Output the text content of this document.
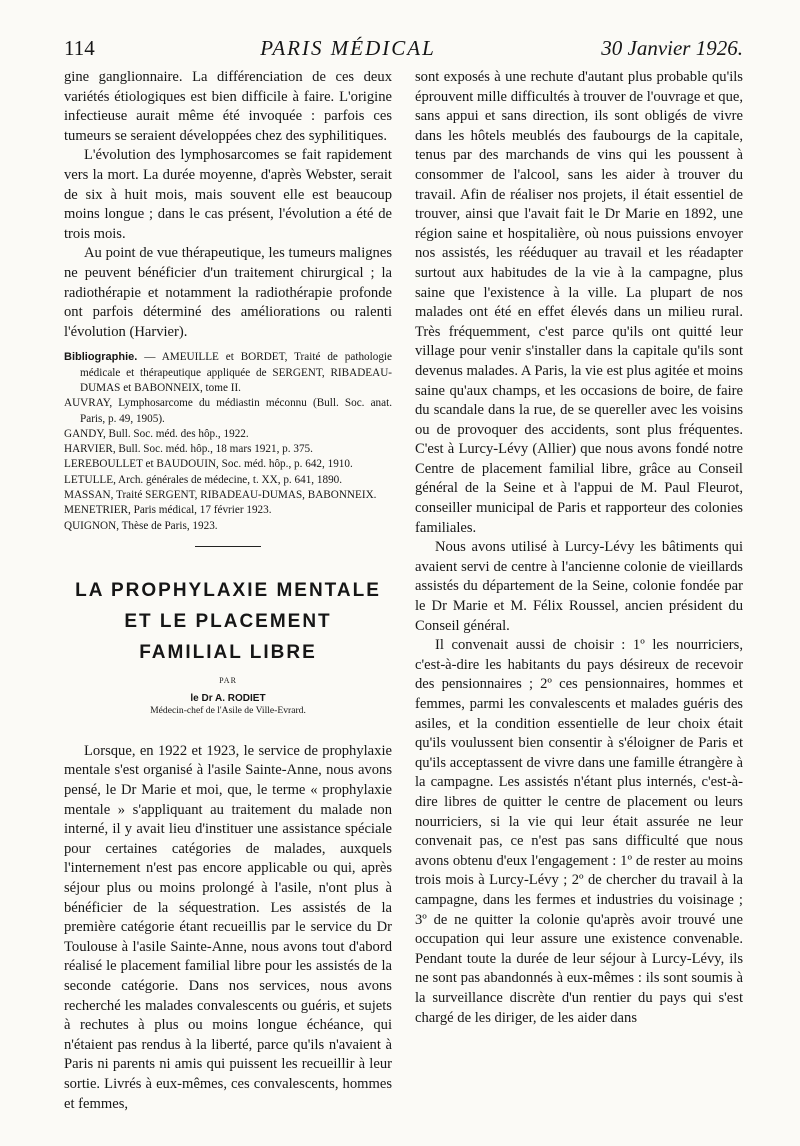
114	PARIS MÉDICAL	30 Janvier 1926.

gine ganglionnaire. La différenciation de ces deux variétés étiologiques est bien difficile à faire. L'origine infectieuse aurait même été invoquée : parfois ces tumeurs se seraient développées chez des syphilitiques.

L'évolution des lymphosarcomes se fait rapidement vers la mort. La durée moyenne, d'après Webster, serait de six à huit mois, mais souvent elle est beaucoup moins longue ; dans le cas présent, l'évolution a été de trois mois.

Au point de vue thérapeutique, les tumeurs malignes ne peuvent bénéficier d'un traitement chirurgical ; la radiothérapie et notamment la radiothérapie profonde ont parfois déterminé des améliorations ou ralenti l'évolution (Harvier).

Bibliographie. — AMEUILLE et BORDET, Traité de pathologie médicale et thérapeutique appliquée de SERGENT, RIBADEAU-DUMAS et BABONNEIX, tome II.
AUVRAY, Lymphosarcome du médiastin méconnu (Bull. Soc. anat. Paris, p. 49, 1905).
GANDY, Bull. Soc. méd. des hôp., 1922.
HARVIER, Bull. Soc. méd. hôp., 18 mars 1921, p. 375.
LEREBOULLET et BAUDOUIN, Soc. méd. hôp., p. 642, 1910.
LETULLE, Arch. générales de médecine, t. XX, p. 641, 1890.
MASSAN, Traité SERGENT, RIBADEAU-DUMAS, BABONNEIX.
MENETRIER, Paris médical, 17 février 1923.
QUIGNON, Thèse de Paris, 1923.
LA PROPHYLAXIE MENTALE
ET LE PLACEMENT
FAMILIAL LIBRE
PAR
le Dr A. RODIET
Médecin-chef de l'Asile de Ville-Evrard.

Lorsque, en 1922 et 1923, le service de prophylaxie mentale s'est organisé à l'asile Sainte-Anne, nous avons pensé, le Dr Marie et moi, que, le terme « prophylaxie mentale » s'appliquant au traitement du malade non interné, il y avait lieu d'instituer une assistance spéciale pour certaines catégories de malades, auxquels l'internement n'est pas encore applicable ou qui, après séjour plus ou moins prolongé à l'asile, n'ont plus à bénéficier de la séquestration. Les assistés de la première catégorie étant recueillis par le service du Dr Toulouse à l'asile Sainte-Anne, nous avons tout d'abord réalisé le placement familial libre pour les assistés de la seconde catégorie. Dans nos services, nous avons recherché les malades convalescents ou guéris, et sujets à rechutes à plus ou moins longue échéance, qui n'étaient pas rendus à la liberté, parce qu'ils n'avaient à Paris ni parents ni amis qui puissent les recueillir à leur sortie. Livrés à eux-mêmes, ces convalescents, hommes et femmes,

sont exposés à une rechute d'autant plus probable qu'ils éprouvent mille difficultés à trouver de l'ouvrage et que, sans appui et sans direction, ils sont obligés de vivre dans les hôtels meublés des faubourgs de la capitale, tenus par des marchands de vins qui les poussent à consommer de l'alcool, sans les aider à trouver du travail. Afin de réaliser nos projets, il était essentiel de trouver, ainsi que l'avait fait le Dr Marie en 1892, une région saine et hospitalière, où nous puissions envoyer nos assistés, les rééduquer au travail et les réadapter surtout aux habitudes de la vie à la campagne, plus saine que l'existence à la ville. La plupart de nos malades ont été en effet élevés dans un milieu rural. Très fréquemment, c'est parce qu'ils ont quitté leur village pour venir s'installer dans la capitale qu'ils sont devenus malades. A Paris, la vie est plus agitée et moins saine qu'aux champs, et les occasions de boire, de faire du scandale dans la rue, de se quereller avec les voisins ou de provoquer des accidents, sont plus fréquentes. C'est à Lurcy-Lévy (Allier) que nous avons fondé notre Centre de placement familial libre, grâce au Conseil général de la Seine et à l'appui de M. Paul Fleurot, conseiller municipal de Paris et rapporteur des colonies familiales.

Nous avons utilisé à Lurcy-Lévy les bâtiments qui avaient servi de centre à l'ancienne colonie de vieillards assistés du département de la Seine, colonie fondée par le Dr Marie et M. Félix Roussel, ancien président du Conseil général.

Il convenait aussi de choisir : 1º les nourriciers, c'est-à-dire les habitants du pays désireux de recevoir des pensionnaires ; 2º ces pensionnaires, hommes et femmes, parmi les convalescents et malades guéris des asiles, et la condition essentielle de leur choix était qu'ils voulussent bien consentir à s'éloigner de Paris et qu'ils acceptassent de vivre dans une famille étrangère à la campagne. Les assistés n'étant plus internés, c'est-à-dire libres de quitter le centre de placement ou leurs nourriciers, si la vie qui leur était assurée ne leur convenait pas, ce n'est pas sans difficulté que nous avons obtenu d'eux l'engagement : 1º de rester au moins trois mois à Lurcy-Lévy ; 2º de chercher du travail à la campagne, dans les fermes et industries du voisinage ; 3º de ne quitter la colonie qu'après avoir trouvé une occupation qui leur assure une existence convenable. Pendant toute la durée de leur séjour à Lurcy-Lévy, ils ne sont pas abandonnés à eux-mêmes : ils sont soumis à la surveillance discrète d'un rentier du pays qui s'est chargé de les diriger, de les aider dans
